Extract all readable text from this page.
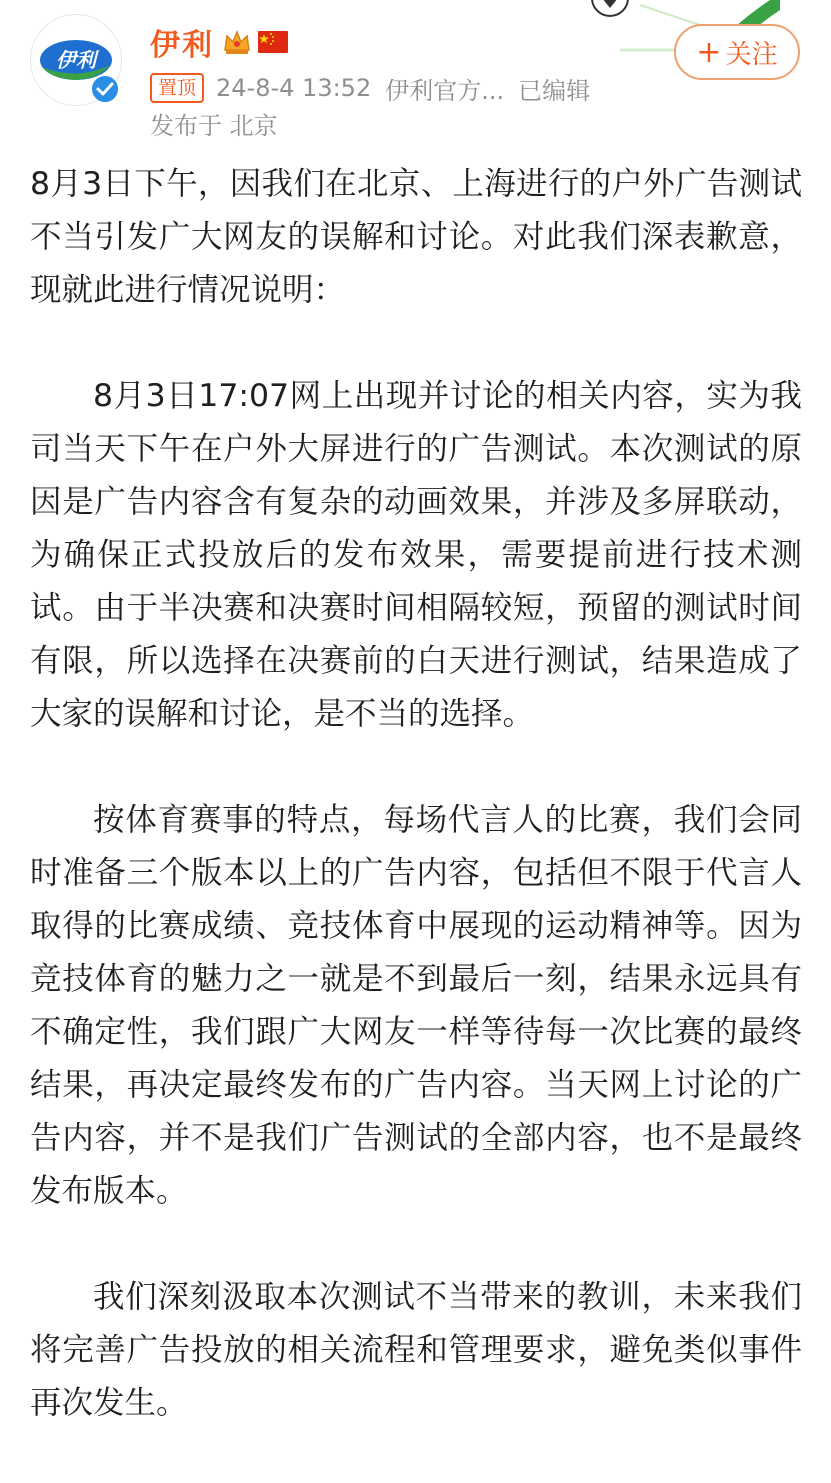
伊利 伊利
置顶 24-8-4 13:52 伊利官方... 已编辑
发布于 北京
+ 关注

8月3日下午，因我们在北京、上海进行的户外广告测试不当引发广大网友的误解和讨论。对此我们深表歉意，现就此进行情况说明：

8月3日17:07网上出现并讨论的相关内容，实为我司当天下午在户外大屏进行的广告测试。本次测试的原因是广告内容含有复杂的动画效果，并涉及多屏联动，为确保正式投放后的发布效果，需要提前进行技术测试。由于半决赛和决赛时间相隔较短，预留的测试时间有限，所以选择在决赛前的白天进行测试，结果造成了大家的误解和讨论，是不当的选择。

按体育赛事的特点，每场代言人的比赛，我们会同时准备三个版本以上的广告内容，包括但不限于代言人取得的比赛成绩、竞技体育中展现的运动精神等。因为竞技体育的魅力之一就是不到最后一刻，结果永远具有不确定性，我们跟广大网友一样等待每一次比赛的最终结果，再决定最终发布的广告内容。当天网上讨论的广告内容，并不是我们广告测试的全部内容，也不是最终发布版本。

我们深刻汲取本次测试不当带来的教训，未来我们将完善广告投放的相关流程和管理要求，避免类似事件再次发生。
